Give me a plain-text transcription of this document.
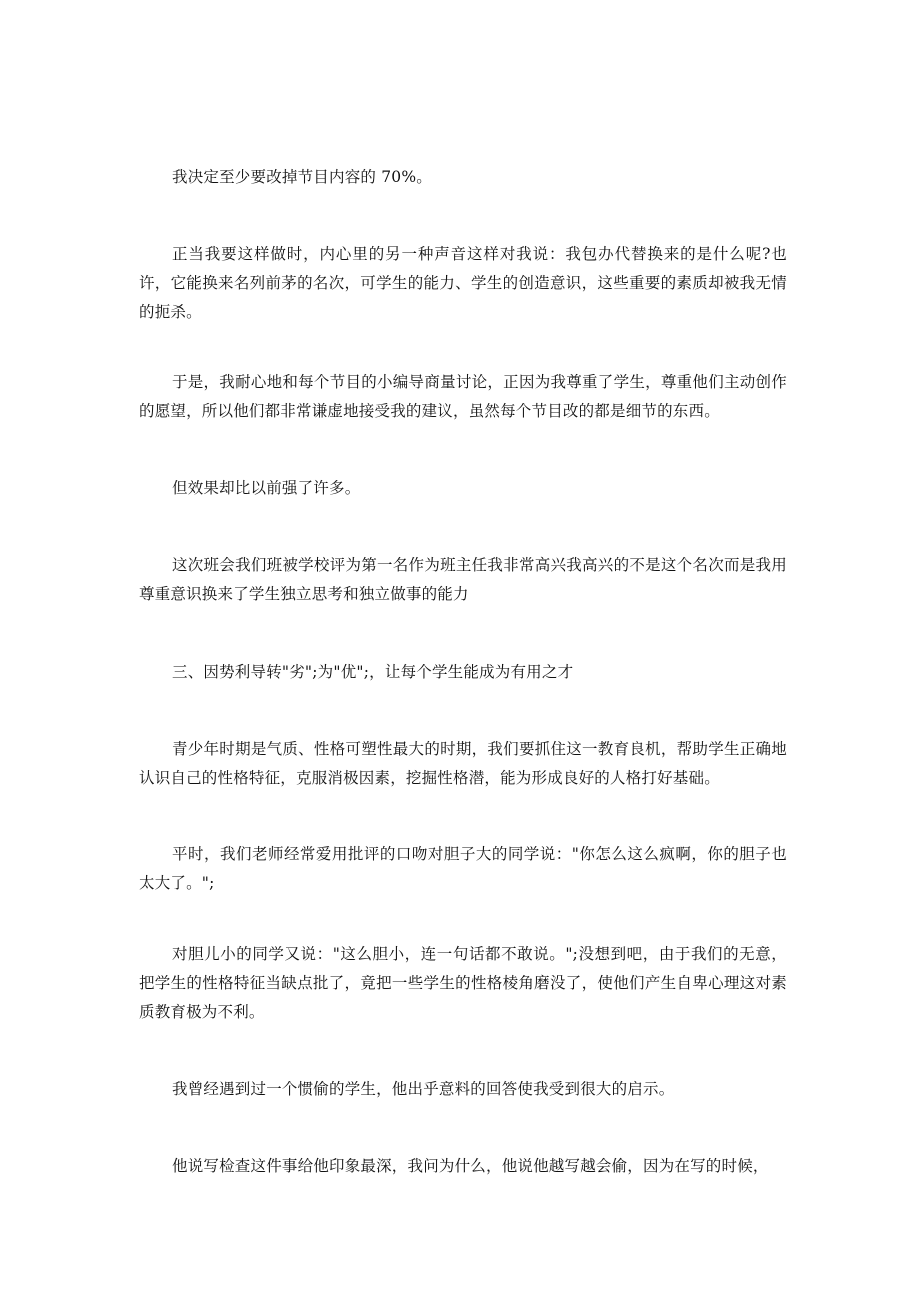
我决定至少要改掉节目内容的 70%。

正当我要这样做时，内心里的另一种声音这样对我说：我包办代替换来的是什么呢?也许，它能换来名列前茅的名次，可学生的能力、学生的创造意识，这些重要的素质却被我无情的扼杀。

于是，我耐心地和每个节目的小编导商量讨论，正因为我尊重了学生，尊重他们主动创作的愿望，所以他们都非常谦虚地接受我的建议，虽然每个节目改的都是细节的东西。

但效果却比以前强了许多。

这次班会我们班被学校评为第一名作为班主任我非常高兴我高兴的不是这个名次而是我用尊重意识换来了学生独立思考和独立做事的能力

三、因势利导转"劣";为"优";，让每个学生能成为有用之才

青少年时期是气质、性格可塑性最大的时期，我们要抓住这一教育良机，帮助学生正确地认识自己的性格特征，克服消极因素，挖掘性格潜，能为形成良好的人格打好基础。

平时，我们老师经常爱用批评的口吻对胆子大的同学说："你怎么这么疯啊，你的胆子也太大了。";

对胆儿小的同学又说："这么胆小，连一句话都不敢说。";没想到吧，由于我们的无意，把学生的性格特征当缺点批了，竟把一些学生的性格棱角磨没了，使他们产生自卑心理这对素质教育极为不利。

我曾经遇到过一个惯偷的学生，他出乎意料的回答使我受到很大的启示。

他说写检查这件事给他印象最深，我问为什么，他说他越写越会偷，因为在写的时候，
